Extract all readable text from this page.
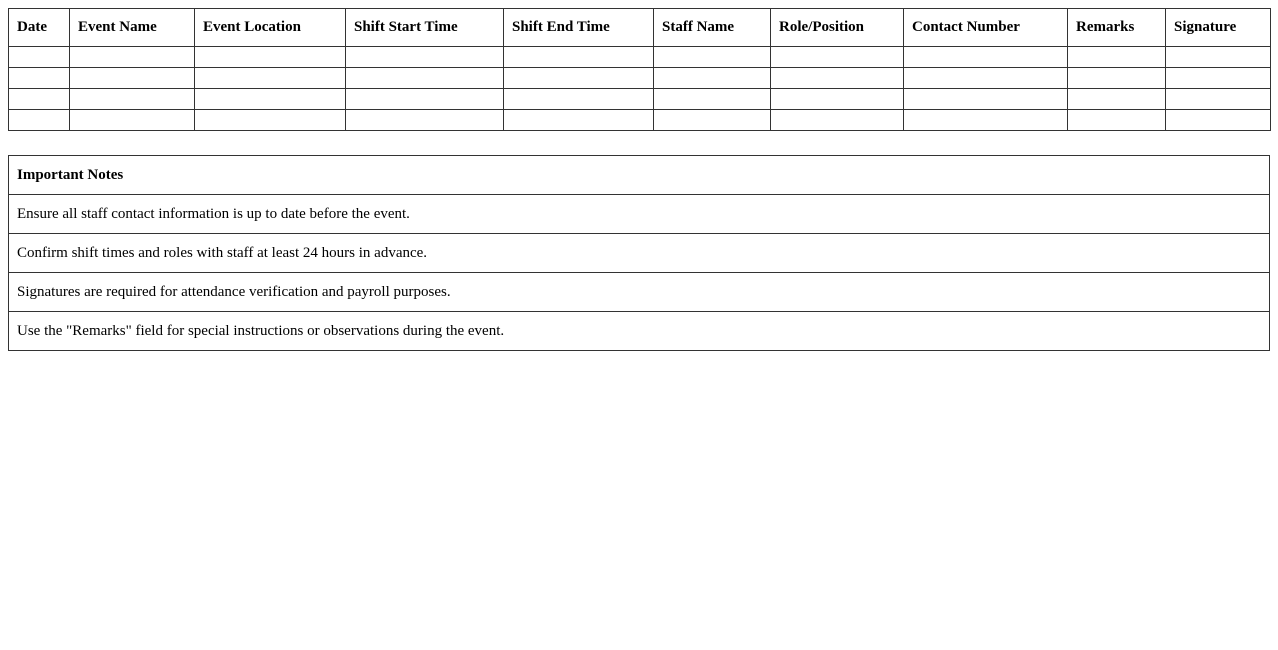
Date	Event Name	Event Location	Shift Start Time	Shift End Time	Staff Name	Role/Position	Contact Number	Remarks	Signature

Important Notes
Ensure all staff contact information is up to date before the event.
Confirm shift times and roles with staff at least 24 hours in advance.
Signatures are required for attendance verification and payroll purposes.
Use the "Remarks" field for special instructions or observations during the event.
